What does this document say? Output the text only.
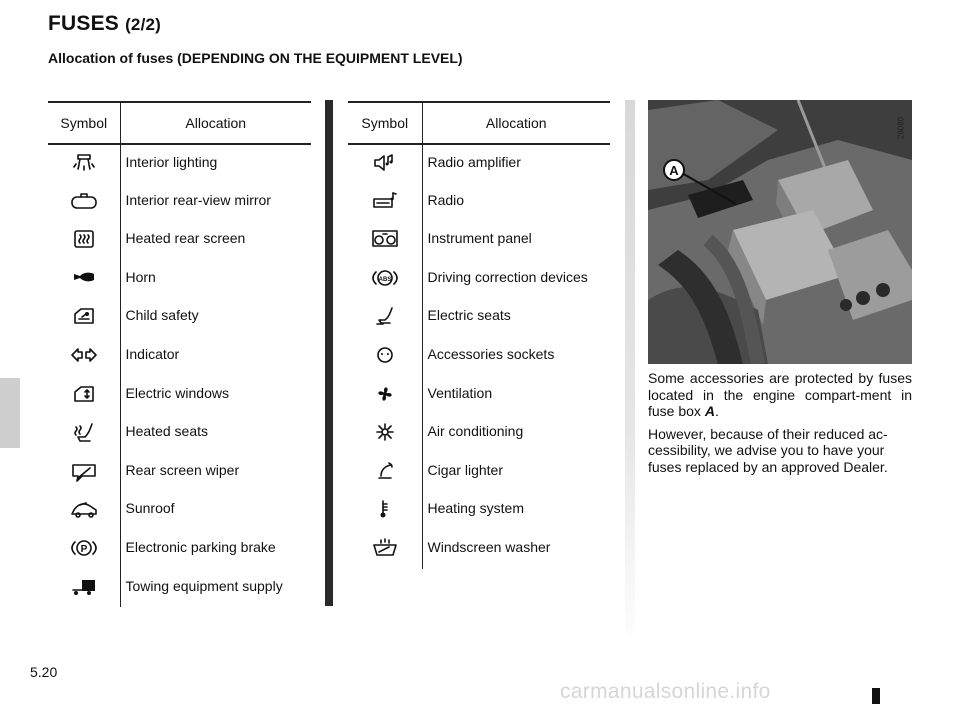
FUSES (2/2)
Allocation of fuses (DEPENDING ON THE EQUIPMENT LEVEL)
Symbol	Allocation
	Interior lighting
	Interior rear-view mirror
	Heated rear screen
	Horn
	Child safety
	Indicator
	Electric windows
	Heated seats
	Rear screen wiper
	Sunroof

P	Electronic parking brake
	Towing equipment supply
Symbol	Allocation
	Radio amplifier
	Radio
	Instrument panel

ABS	Driving correction devices
	Electric seats
	Accessories sockets
	Ventilation
	Air conditioning
	Cigar lighter
	Heating system
	Windscreen washer
A
28080

Some accessories are protected by fuses located in the engine compart-ment in fuse box A.

However, because of their reduced ac-cessibility, we advise you to have your fuses replaced by an approved Dealer.

5.20
carmanualsonline.info
